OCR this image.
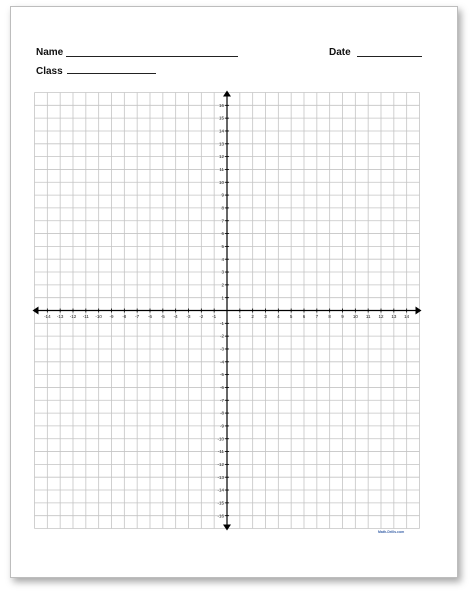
Name	Date
Class
-14 -13 -12 -11 -10 -9 -8 -7 -6 -5 -4 -3 -2 -1	1 2 3 4 5 6 7 8 9 10 11 12 13 14
16
15
14
13
12
11
10
9
8
7
6
5
4
3
2
1
-1
-2
-3
-4
-5
-6
-7
-8
-9
-10
-11
-12
-13
-14
-15
-16
Math-Drills.com
